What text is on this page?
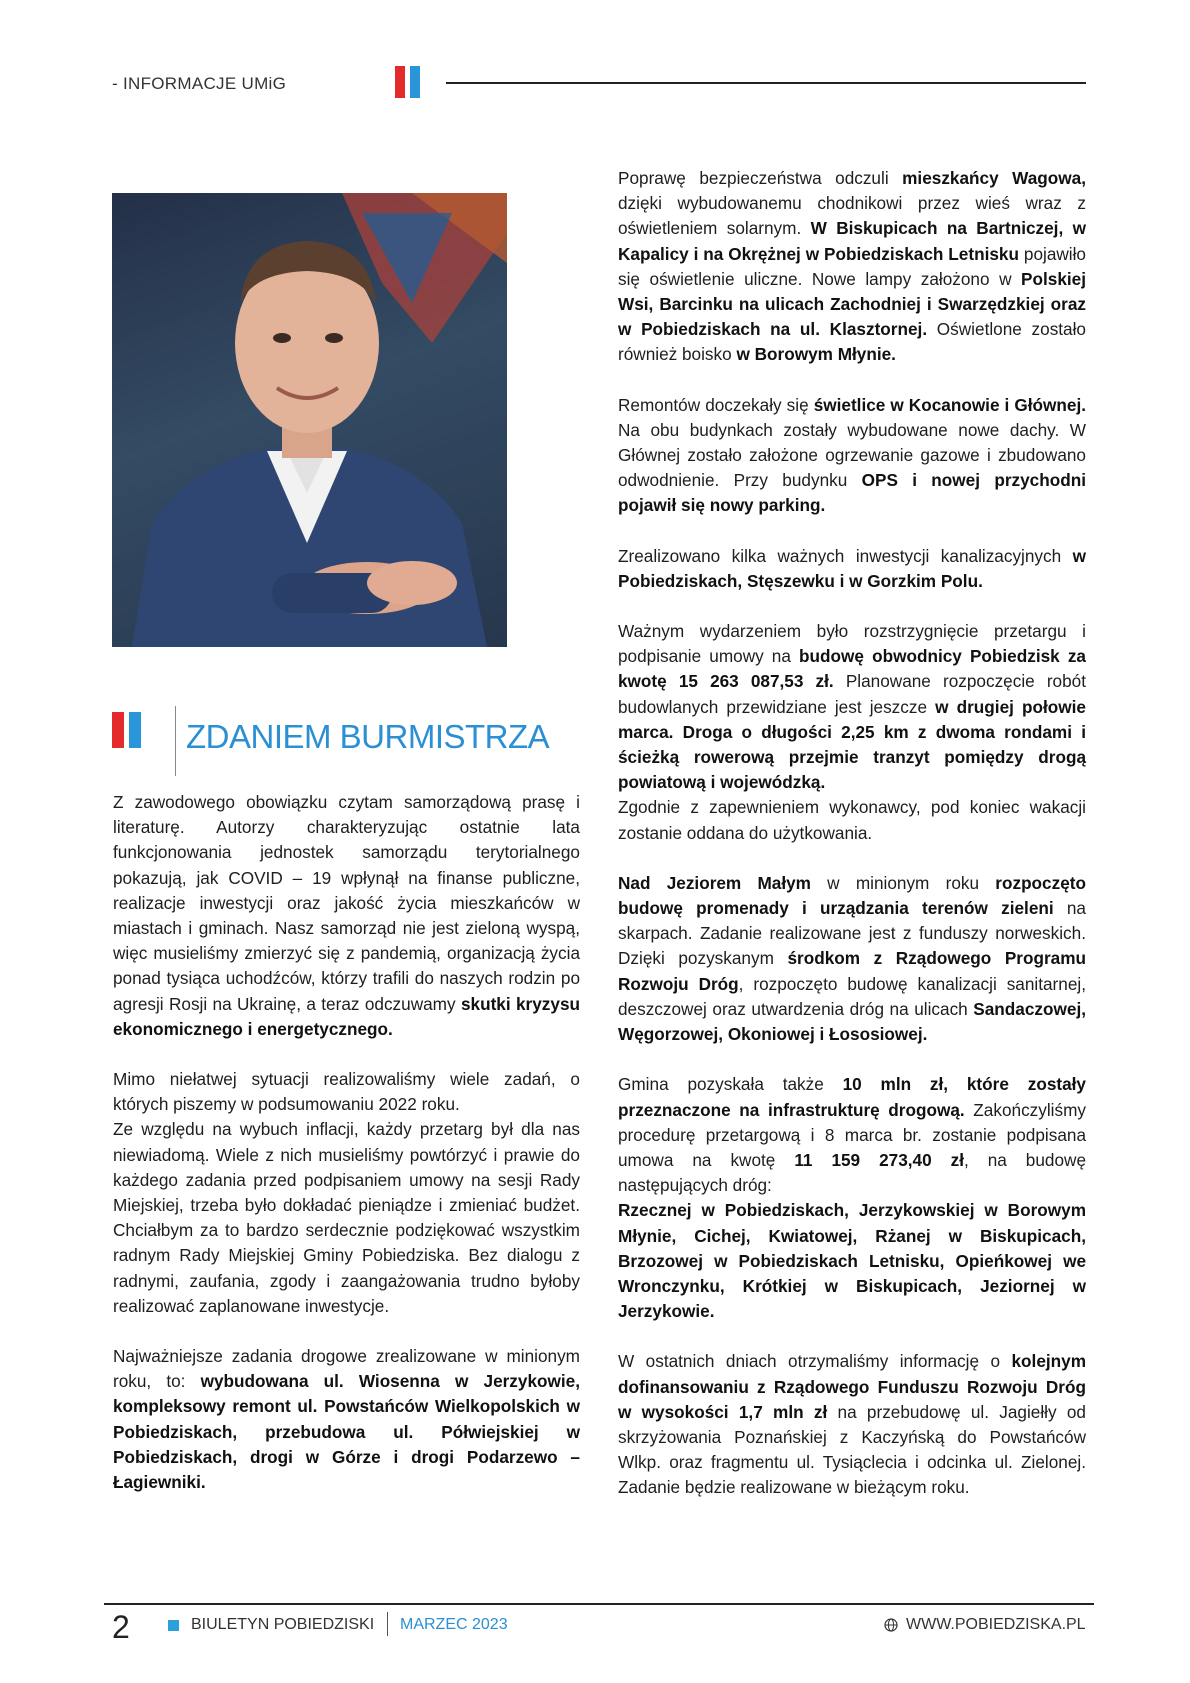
- INFORMACJE UMiG
ZDANIEM BURMISTRZA

Z zawodowego obowiązku czytam samorządową prasę i literaturę. Autorzy charakteryzując ostatnie lata funkcjonowania jednostek samorządu terytorialnego pokazują, jak COVID – 19 wpłynął na finanse publiczne, realizacje inwestycji oraz jakość życia mieszkańców w miastach i gminach. Nasz samorząd nie jest zieloną wyspą, więc musieliśmy zmierzyć się z pandemią, organizacją życia ponad tysiąca uchodźców, którzy trafili do naszych rodzin po agresji Rosji na Ukrainę, a teraz odczuwamy skutki kryzysu ekonomicznego i energetycznego.

Mimo niełatwej sytuacji realizowaliśmy wiele zadań, o których piszemy w podsumowaniu 2022 roku.

Ze względu na wybuch inflacji, każdy przetarg był dla nas niewiadomą. Wiele z nich musieliśmy powtórzyć i prawie do każdego zadania przed podpisaniem umowy na sesji Rady Miejskiej, trzeba było dokładać pieniądze i zmieniać budżet. Chciałbym za to bardzo serdecznie podziękować wszystkim radnym Rady Miejskiej Gminy Pobiedziska. Bez dialogu z radnymi, zaufania, zgody i zaangażowania trudno byłoby realizować zaplanowane inwestycje.

Najważniejsze zadania drogowe zrealizowane w minionym roku, to: wybudowana ul. Wiosenna w Jerzykowie, kompleksowy remont ul. Powstańców Wielkopolskich w Pobiedziskach, przebudowa ul. Półwiejskiej w Pobiedziskach, drogi w Górze i drogi Podarzewo – Łagiewniki.

Poprawę bezpieczeństwa odczuli mieszkańcy Wagowa, dzięki wybudowanemu chodnikowi przez wieś wraz z oświetleniem solarnym. W Biskupicach na Bartniczej, w Kapalicy i na Okrężnej w Pobiedziskach Letnisku pojawiło się oświetlenie uliczne. Nowe lampy założono w Polskiej Wsi, Barcinku na ulicach Zachodniej i Swarzędzkiej oraz w Pobiedziskach na ul. Klasztornej. Oświetlone zostało również boisko w Borowym Młynie.

Remontów doczekały się świetlice w Kocanowie i Głównej. Na obu budynkach zostały wybudowane nowe dachy. W Głównej zostało założone ogrzewanie gazowe i zbudowano odwodnienie. Przy budynku OPS i nowej przychodni pojawił się nowy parking.

Zrealizowano kilka ważnych inwestycji kanalizacyjnych w Pobiedziskach, Stęszewku i w Gorzkim Polu.

Ważnym wydarzeniem było rozstrzygnięcie przetargu i podpisanie umowy na budowę obwodnicy Pobiedzisk za kwotę 15 263 087,53 zł. Planowane rozpoczęcie robót budowlanych przewidziane jest jeszcze w drugiej połowie marca. Droga o długości 2,25 km z dwoma rondami i ścieżką rowerową przejmie tranzyt pomiędzy drogą powiatową i wojewódzką.

Zgodnie z zapewnieniem wykonawcy, pod koniec wakacji zostanie oddana do użytkowania.

Nad Jeziorem Małym w minionym roku rozpoczęto budowę promenady i urządzania terenów zieleni na skarpach. Zadanie realizowane jest z funduszy norweskich. Dzięki pozyskanym środkom z Rządowego Programu Rozwoju Dróg, rozpoczęto budowę kanalizacji sanitarnej, deszczowej oraz utwardzenia dróg na ulicach Sandaczowej, Węgorzowej, Okoniowej i Łososiowej.

Gmina pozyskała także 10 mln zł, które zostały przeznaczone na infrastrukturę drogową. Zakończyliśmy procedurę przetargową i 8 marca br. zostanie podpisana umowa na kwotę 11 159 273,40 zł, na budowę następujących dróg:

Rzecznej w Pobiedziskach, Jerzykowskiej w Borowym Młynie, Cichej, Kwiatowej, Rżanej w Biskupicach, Brzozowej w Pobiedziskach Letnisku, Opieńkowej we Wronczynku, Krótkiej w Biskupicach, Jeziornej w Jerzykowie.

W ostatnich dniach otrzymaliśmy informację o kolejnym dofinansowaniu z Rządowego Funduszu Rozwoju Dróg w wysokości 1,7 mln zł na przebudowę ul. Jagiełły od skrzyżowania Poznańskiej z Kaczyńską do Powstańców Wlkp. oraz fragmentu ul. Tysiąclecia i odcinka ul. Zielonej. Zadanie będzie realizowane w bieżącym roku.

2	BIULETYN POBIEDZISKI MARZEC 2023	WWW.POBIEDZISKA.PL
